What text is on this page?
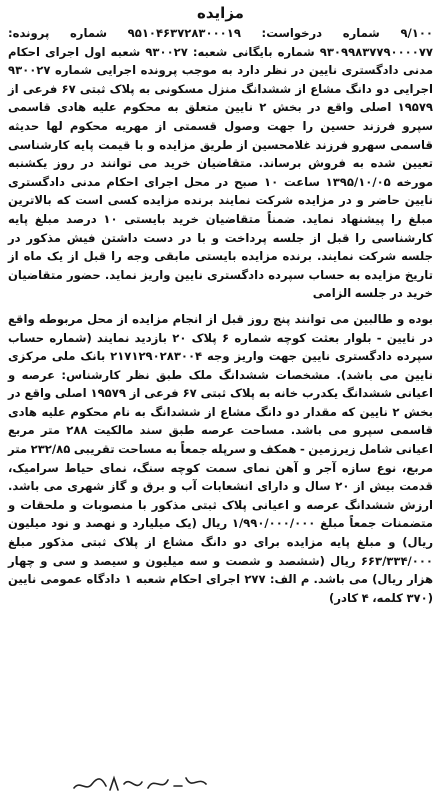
مزایده

۹/۱۰۰ شماره درخواست: ۹۵۱۰۴۶۳۷۲۸۳۰۰۰۱۹ شماره پرونده: ۹۳۰۹۹۸۳۷۷۹۰۰۰۰۷۷ شماره بایگانی شعبه: ۹۳۰۰۲۷ شعبه اول اجرای احکام مدنی دادگستری نایین در نظر دارد به موجب پرونده اجرایی شماره ۹۳۰۰۲۷ اجرایی دو دانگ مشاع از ششدانگ منزل مسکونی به پلاک ثبتی ۶۷ فرعی از ۱۹۵۷۹ اصلی واقع در بخش ۲ نایین متعلق به محکوم علیه هادی قاسمی سپرو فرزند حسین را جهت وصول قسمتی از مهریه محکوم لها حدیثه قاسمی سهرو فرزند غلامحسین از طریق مزایده و با قیمت پایه کارشناسی تعیین شده به فروش برساند. متقاضیان خرید می توانند در روز یکشنبه مورخه ۱۳۹۵/۱۰/۰۵ ساعت ۱۰ صبح در محل اجرای احکام مدنی دادگستری نایین حاضر و در مزایده شرکت نمایند برنده مزایده کسی است که بالاترین مبلغ را پیشنهاد نماید. ضمناً متقاضیان خرید بایستی ۱۰ درصد مبلغ پایه کارشناسی را قبل از جلسه پرداخت و با در دست داشتن فیش مذکور در جلسه شرکت نمایند. برنده مزایده بایستی مابقی وجه را قبل از یک ماه از تاریخ مزایده به حساب سپرده دادگستری نایین واریز نماید. حضور متقاضیان خرید در جلسه الزامی

بوده و طالبین می توانند پنج روز قبل از انجام مزایده از محل مربوطه واقع در نایین - بلوار بعثت کوچه شماره ۶ پلاک ۲۰ بازدید نمایند (شماره حساب سپرده دادگستری نایین جهت واریز وجه ۲۱۷۱۲۹۰۲۸۳۰۰۴ بانک ملی مرکزی نایین می باشد). مشخصات ششدانگ ملک طبق نظر کارشناس: عرصه و اعیانی ششدانگ یکدرب خانه به پلاک ثبتی ۶۷ فرعی از ۱۹۵۷۹ اصلی واقع در بخش ۲ نایین که مقدار دو دانگ مشاع از ششدانگ به نام محکوم علیه هادی قاسمی سپرو می باشد. مساحت عرصه طبق سند مالکیت ۲۸۸ متر مربع اعیانی شامل زیرزمین - همکف و سرپله جمعاً به مساحت تقریبی ۲۳۲/۸۵ متر مربع، نوع سازه آجر و آهن نمای سمت کوچه سنگ، نمای حیاط سرامیک، قدمت بیش از ۲۰ سال و دارای انشعابات آب و برق و گاز شهری می باشد. ارزش ششدانگ عرصه و اعیانی پلاک ثبتی مذکور با منصوبات و ملحقات و متضمنات جمعاً مبلغ ۱/۹۹۰/۰۰۰/۰۰۰ ریال (یک میلیارد و نهصد و نود میلیون ریال) و مبلغ پایه مزایده برای دو دانگ مشاع از پلاک ثبتی مذکور مبلغ ۶۶۳/۳۳۴/۰۰۰ ریال (ششصد و شصت و سه میلیون و سیصد و سی و چهار هزار ریال) می باشد. م الف: ۲۷۷ اجرای احکام شعبه ۱ دادگاه عمومی نایین (۳۷۰ کلمه، ۴ کادر)
